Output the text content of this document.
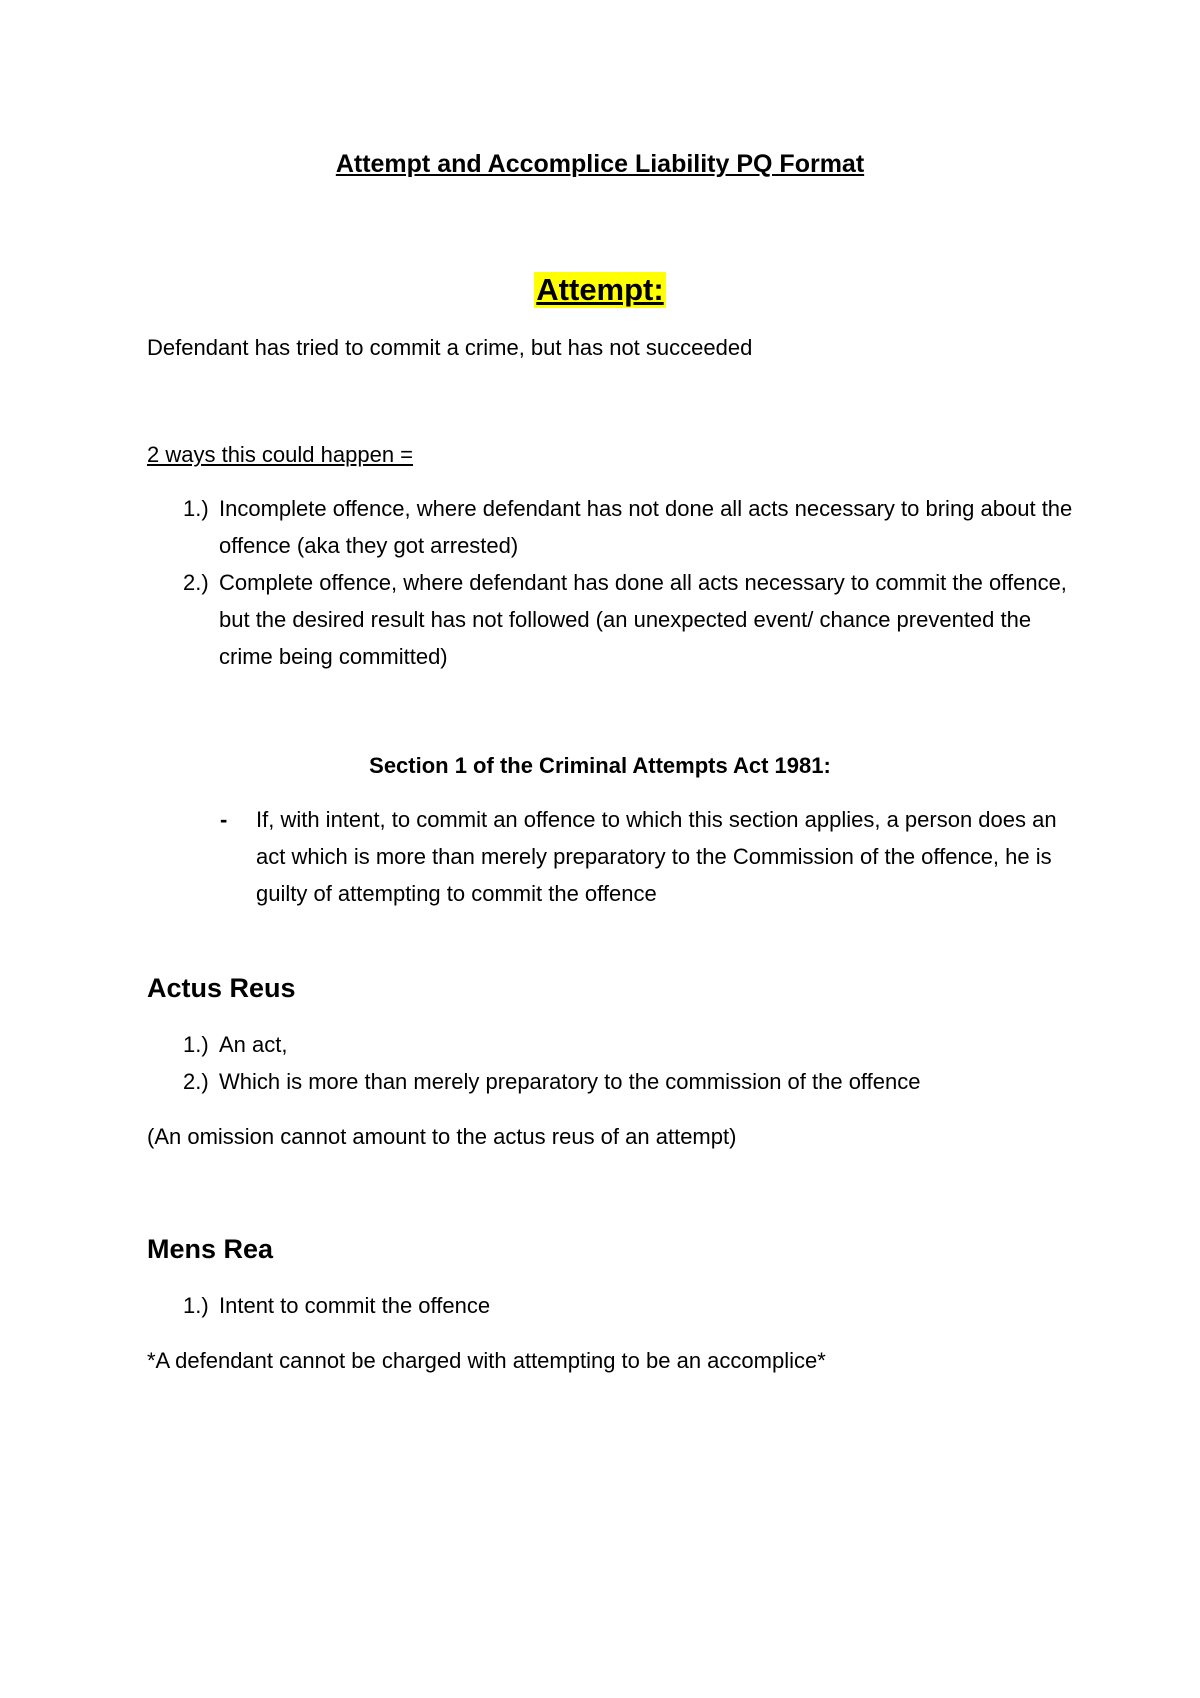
Attempt and Accomplice Liability PQ Format
Attempt:

Defendant has tried to commit a crime, but has not succeeded

2 ways this could happen =

1.) Incomplete offence, where defendant has not done all acts necessary to bring about the offence (aka they got arrested)
2.) Complete offence, where defendant has done all acts necessary to commit the offence, but the desired result has not followed (an unexpected event/ chance prevented the crime being committed)

Section 1 of the Criminal Attempts Act 1981:

- If, with intent, to commit an offence to which this section applies, a person does an act which is more than merely preparatory to the Commission of the offence, he is guilty of attempting to commit the offence
Actus Reus
1.) An act,
2.) Which is more than merely preparatory to the commission of the offence

(An omission cannot amount to the actus reus of an attempt)

Mens Rea
1.) Intent to commit the offence

*A defendant cannot be charged with attempting to be an accomplice*
